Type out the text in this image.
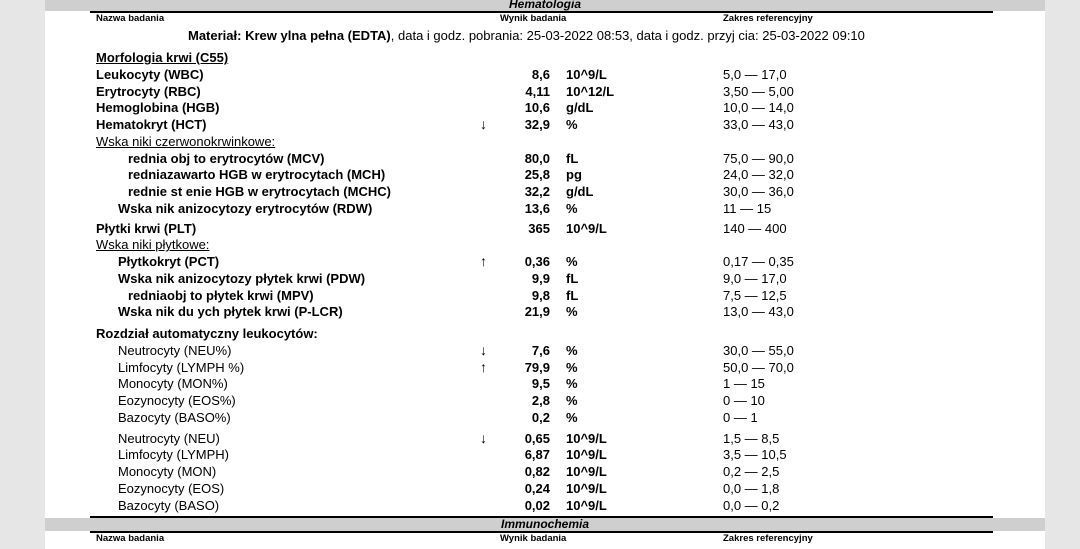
Hematologia
Nazwa badania	Wynik badania	Zakres referencyjny
Materiał: Krew ylna pełna (EDTA), data i godz. pobrania: 25-03-2022 08:53, data i godz. przyj cia: 25-03-2022 09:10
Morfologia krwi (C55)
Leukocyty (WBC)	8,6 10^9/L	5,0 — 17,0
Erytrocyty (RBC)	4,11 10^12/L	3,50 — 5,00
Hemoglobina (HGB)	10,6 g/dL	10,0 — 14,0
Hematokryt (HCT)	↓	32,9 %	33,0 — 43,0
Wska niki czerwonokrwinkowe:
rednia obj to erytrocytów (MCV)	80,0 fL	75,0 — 90,0
redniazawarto HGB w erytrocytach (MCH)	25,8 pg	24,0 — 32,0
rednie st enie HGB w erytrocytach (MCHC)	32,2 g/dL	30,0 — 36,0
Wska nik anizocytozy erytrocytów (RDW)	13,6 %	11 — 15
Płytki krwi (PLT)	365 10^9/L	140 — 400
Wska niki płytkowe:
Płytkokryt (PCT)	↑	0,36 %	0,17 — 0,35
Wska nik anizocytozy płytek krwi (PDW)	9,9 fL	9,0 — 17,0
redniaobj to płytek krwi (MPV)	9,8 fL	7,5 — 12,5
Wska nik du ych płytek krwi (P-LCR)	21,9 %	13,0 — 43,0
Rozdział automatyczny leukocytów:
Neutrocyty (NEU%)	↓	7,6 %	30,0 — 55,0
Limfocyty (LYMPH %)	↑	79,9 %	50,0 — 70,0
Monocyty (MON%)	9,5 %	1 — 15
Eozynocyty (EOS%)	2,8 %	0 — 10
Bazocyty (BASO%)	0,2 %	0 — 1
Neutrocyty (NEU)	↓	0,65 10^9/L	1,5 — 8,5
Limfocyty (LYMPH)	6,87 10^9/L	3,5 — 10,5
Monocyty (MON)	0,82 10^9/L	0,2 — 2,5
Eozynocyty (EOS)	0,24 10^9/L	0,0 — 1,8
Bazocyty (BASO)	0,02 10^9/L	0,0 — 0,2
Immunochemia
Nazwa badania	Wynik badania	Zakres referencyjny
